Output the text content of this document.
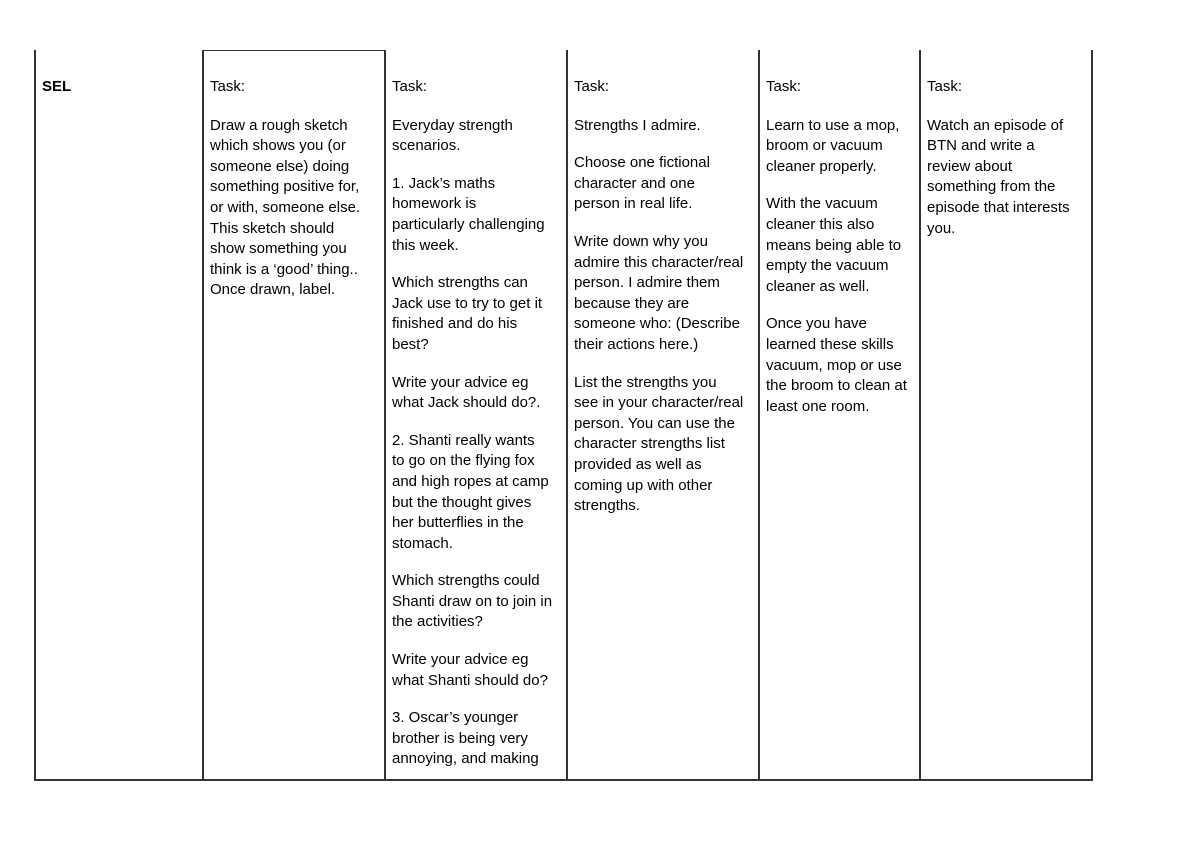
SEL	Task:

Draw a rough sketch
which shows you (or
someone else) doing
something positive for,
or with, someone else.
This sketch should
show something you
think is a ‘good’ thing..
Once drawn, label.

Task:

Everyday strength
scenarios.

1. Jack’s maths
homework is
particularly challenging
this week.

Which strengths can
Jack use to try to get it
finished and do his
best?

Write your advice eg
what Jack should do?.

2. Shanti really wants
to go on the flying fox
and high ropes at camp
but the thought gives
her butterflies in the
stomach.

Which strengths could
Shanti draw on to join in
the activities?

Write your advice eg
what Shanti should do?

3. Oscar’s younger
brother is being very
annoying, and making

Task:

Strengths I admire.

Choose one fictional
character and one
person in real life.

Write down why you
admire this character/real
person. I admire them
because they are
someone who: (Describe
their actions here.)

List the strengths you
see in your character/real
person. You can use the
character strengths list
provided as well as
coming up with other
strengths.

Task:

Learn to use a mop,
broom or vacuum
cleaner properly.

With the vacuum
cleaner this also
means being able to
empty the vacuum
cleaner as well.

Once you have
learned these skills
vacuum, mop or use
the broom to clean at
least one room.

Task:

Watch an episode of
BTN and write a
review about
something from the
episode that interests
you.
